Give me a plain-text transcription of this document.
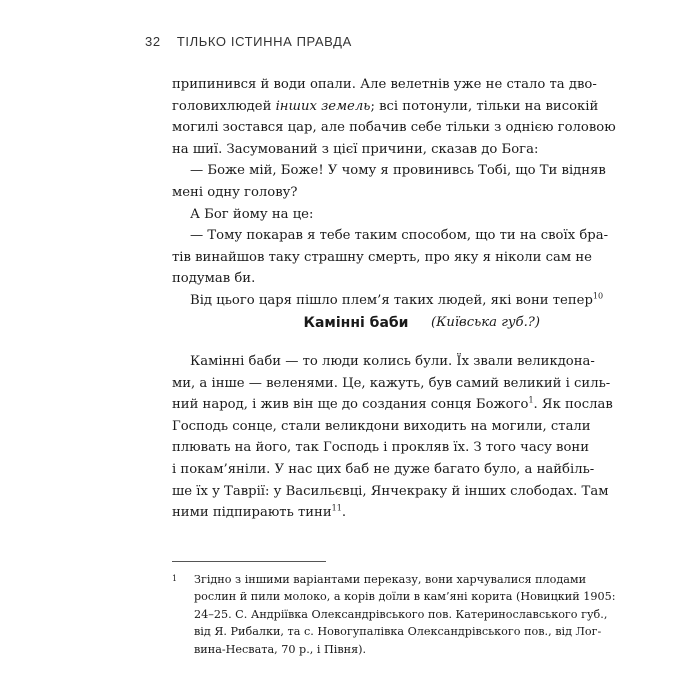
32 ТІЛЬКО ІСТИННА ПРАВДА
припинився й води опали. Але велетнів уже не стало та дво-
головихлюдей інших земель; всі потонули, тільки на високій
могилі зостався цар, але побачив себе тільки з однією головою
на шиї. Засумований з цієї причини, сказав до Бога:
— Боже мій, Боже! У чому я провинивсь Тобі, що Ти відняв
мені одну голову?
А Бог йому на це:
— Тому покарав я тебе таким способом, що ти на своїх бра-
тів винайшов таку страшну смерть, про яку я ніколи сам не
подумав би.
Від цього царя пішло плем’я таких людей, які вони тепер$^{10}$
(Київська губ.?)
Камінні баби
Камінні баби — то люди колись були. Їх звали великдона-
ми, а інше — веленями. Це, кажуть, був самий великий і силь-
ний народ, і жив він ще до создания сонця Божого$^1$. Як послав
Господь сонце, стали великдони виходить на могили, стали
плювать на його, так Господь і прокляв їх. З того часу вони
і покам’яніли. У нас цих баб не дуже багато було, а найбіль-
ше їх у Таврії: у Васильєвці, Янчекраку й інших слободах. Там
ними підпирають тини$^{11}$.
1 Згідно з іншими варіантами переказу, вони харчувалися плодами
рослин й пили молоко, а корів доїли в кам’яні корита (Новицкий 1905:
24–25. С. Андріївка Олександрівського пов. Катеринославського губ.,
від Я. Рибалки, та с. Новогупалівка Олександрівського пов., від Лог-
вина-Несвата, 70 р., і Півня).
